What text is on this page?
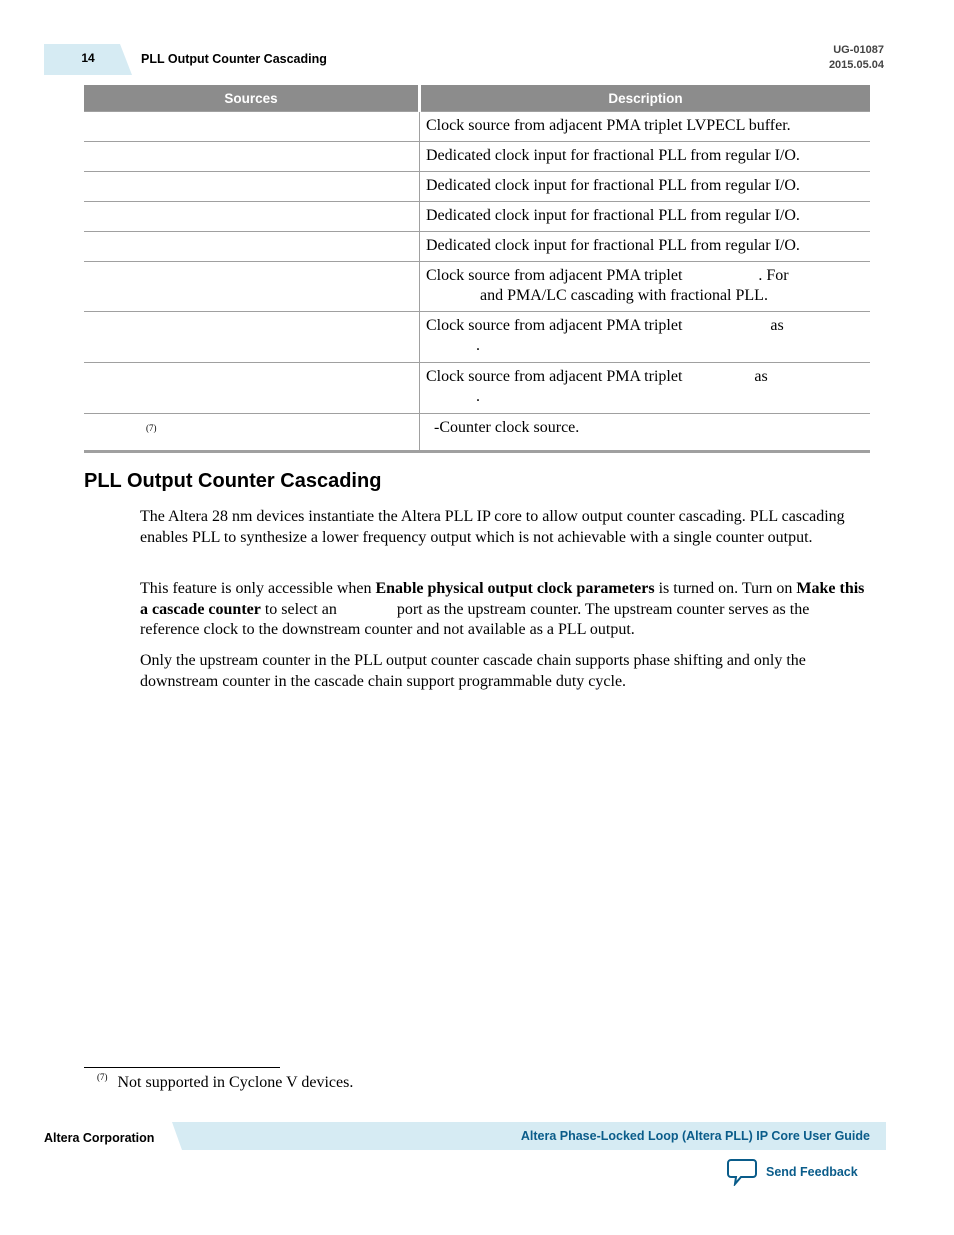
14	PLL Output Counter Cascading
UG-01087
2015.05.04
Sources	Description
	Clock source from adjacent PMA triplet LVPECL buffer.
	Dedicated clock input for fractional PLL from regular I/O.
	Dedicated clock input for fractional PLL from regular I/O.
	Dedicated clock input for fractional PLL from regular I/O.
	Dedicated clock input for fractional PLL from regular I/O.

	Clock source from adjacent PMA triplet                   . For
and PMA/LC cascading with fractional PLL.

	Clock source from adjacent PMA triplet                      as
.

	Clock source from adjacent PMA triplet                  as
.

$^{(7)}$	-Counter clock source.
PLL Output Counter Cascading

The Altera 28 nm devices instantiate the Altera PLL IP core to allow output counter cascading. PLL cascading enables PLL to synthesize a lower frequency output which is not achievable with a single counter output.

This feature is only accessible when Enable physical output clock parameters is turned on. Turn on Make this a cascade counter to select an               port as the upstream counter. The upstream counter serves as the reference clock to the downstream counter and not available as a PLL output.

Only the upstream counter in the PLL output counter cascade chain supports phase shifting and only the downstream counter in the cascade chain support programmable duty cycle.

$^{(7)}$ Not supported in Cyclone V devices.
Altera Corporation	Altera Phase-Locked Loop (Altera PLL) IP Core User Guide
Send Feedback
